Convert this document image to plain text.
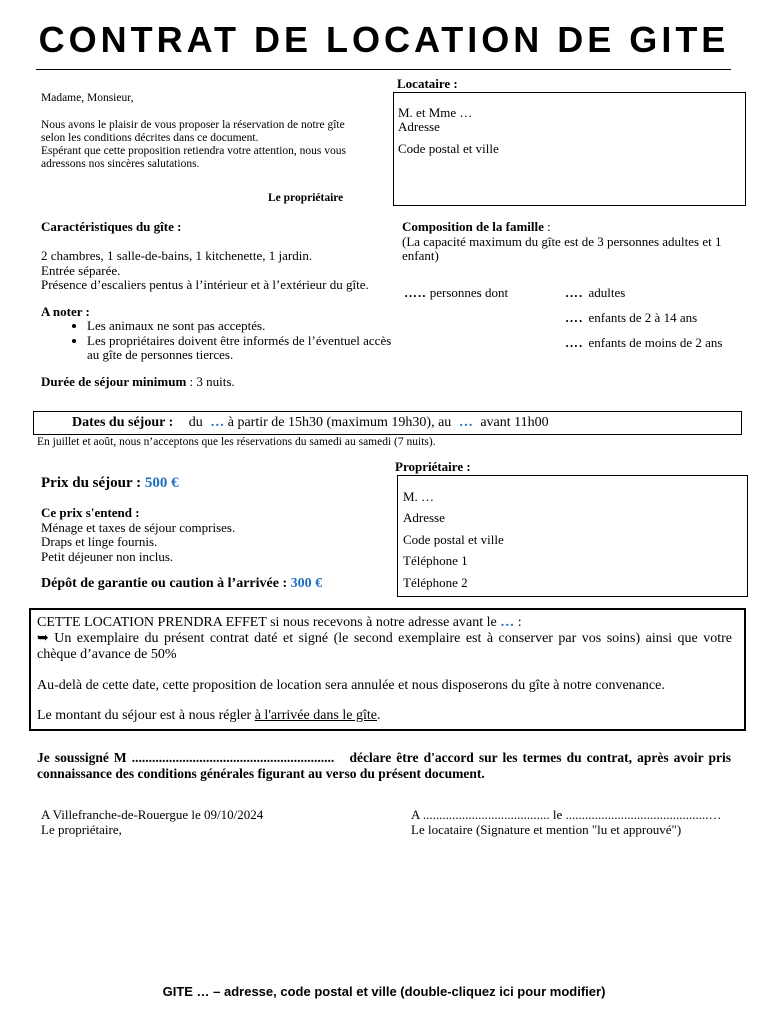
CONTRAT DE LOCATION DE GITE

Madame, Monsieur,

Nous avons le plaisir de vous proposer la réservation de notre gîte

selon les conditions décrites dans ce document.

Espérant que cette proposition retiendra votre attention, nous vous

adressons nos sincères salutations.

Le propriétaire
Locataire :
M. et Mme …
Adresse
Code postal et ville
Caractéristiques du gîte :

2 chambres, 1 salle-de-bains, 1 kitchenette, 1 jardin.

Entrée séparée.

Présence d’escaliers pentus à l’intérieur et à l’extérieur du gîte.

A noter :
• Les animaux ne sont pas acceptés.
• Les propriétaires doivent être informés de l’éventuel accès
au gîte de personnes tierces.
Durée de séjour minimum : 3 nuits.

Composition de la famille :

(La capacité maximum du gîte est de 3 personnes adultes et 1

enfant)

….. personnes dont	…. adultes
…. enfants de 2 à 14 ans
…. enfants de moins de 2 ans
Dates du séjour : du … à partir de 15h30 (maximum 19h30), au … avant 11h00
En juillet et août, nous n’acceptons que les réservations du samedi au samedi (7 nuits).
Prix du séjour : 500 €

Ce prix s'entend :

Ménage et taxes de séjour comprises.

Draps et linge fournis.

Petit déjeuner non inclus.

Dépôt de garantie ou caution à l’arrivée : 300 €
Propriétaire :
M. …
Adresse
Code postal et ville
Téléphone 1
Téléphone 2

CETTE LOCATION PRENDRA EFFET si nous recevons à notre adresse avant le … :

➥ Un exemplaire du présent contrat daté et signé (le second exemplaire est à conserver par vos soins) ainsi que votre chèque d’avance de 50%

Au-delà de cette date, cette proposition de location sera annulée et nous disposerons du gîte à notre convenance.

Le montant du séjour est à nous régler à l'arrivée dans le gîte.

Je soussigné M ............................................................ déclare être d'accord sur les termes du contrat, après avoir pris connaissance des conditions générales figurant au verso du présent document.

A Villefranche-de-Rouergue le 09/10/2024

Le propriétaire,

A ....................................... le ............................................…

Le locataire (Signature et mention "lu et approuvé")

GITE … – adresse, code postal et ville (double-cliquez ici pour modifier)
